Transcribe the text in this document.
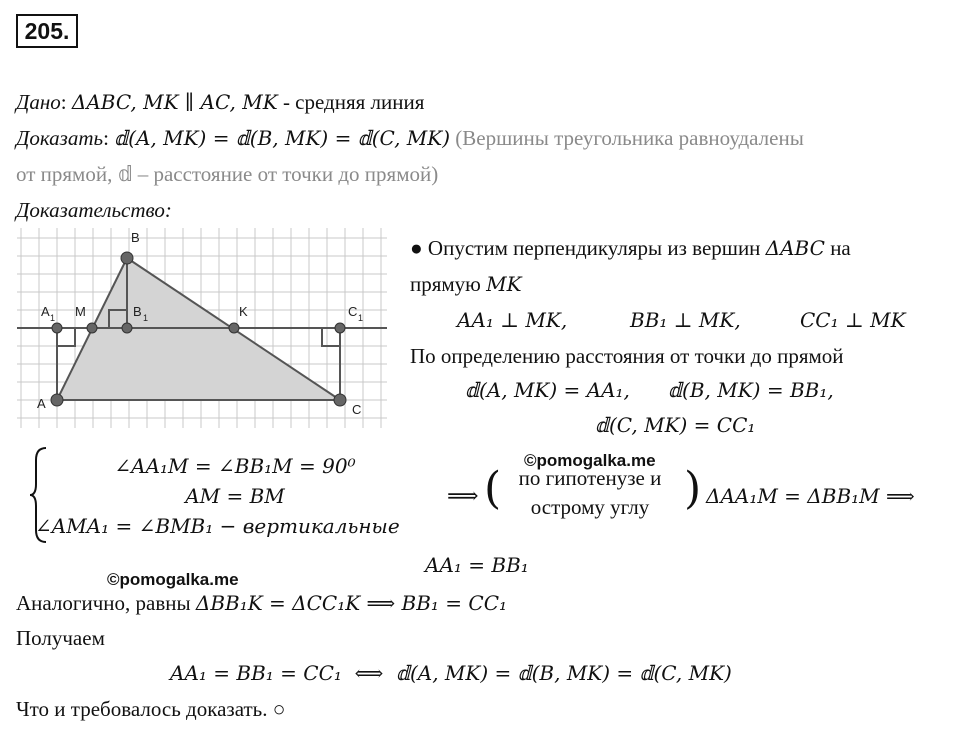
205.
Дано: ΔABC, MK ∥ AC, MK - средняя линия
Доказать: 𝕕(A, MK) = 𝕕(B, MK) = 𝕕(C, MK) (Вершины треугольника равноудалены
от прямой, 𝕕 – расстояние от точки до прямой)
Доказательство:
A
B
C
A 1 M	B 1	K	C 1
● Опустим перпендикуляры из вершин ΔABC на
прямую MK
AA₁ ⊥ MK,	BB₁ ⊥ MK,	CC₁ ⊥ MK
По определению расстояния от точки до прямой
𝕕(A, MK) = AA₁,      𝕕(B, MK) = BB₁,
𝕕(C, MK) = CC₁
∠AA₁M = ∠BB₁M = 90⁰
AM = BM
∠AMA₁ = ∠BMB₁ − вертикальные
⟹ ( по гипотенузе и
острому углу ) ΔAA₁M = ΔBB₁M ⟹
©pomogalka.me
AA₁ = BB₁
©pomogalka.me
Аналогично, равны ΔBB₁K = ΔCC₁K ⟹ BB₁ = CC₁
Получаем
AA₁ = BB₁ = CC₁  ⟺  𝕕(A, MK) = 𝕕(B, MK) = 𝕕(C, MK)
Что и требовалось доказать. ○
